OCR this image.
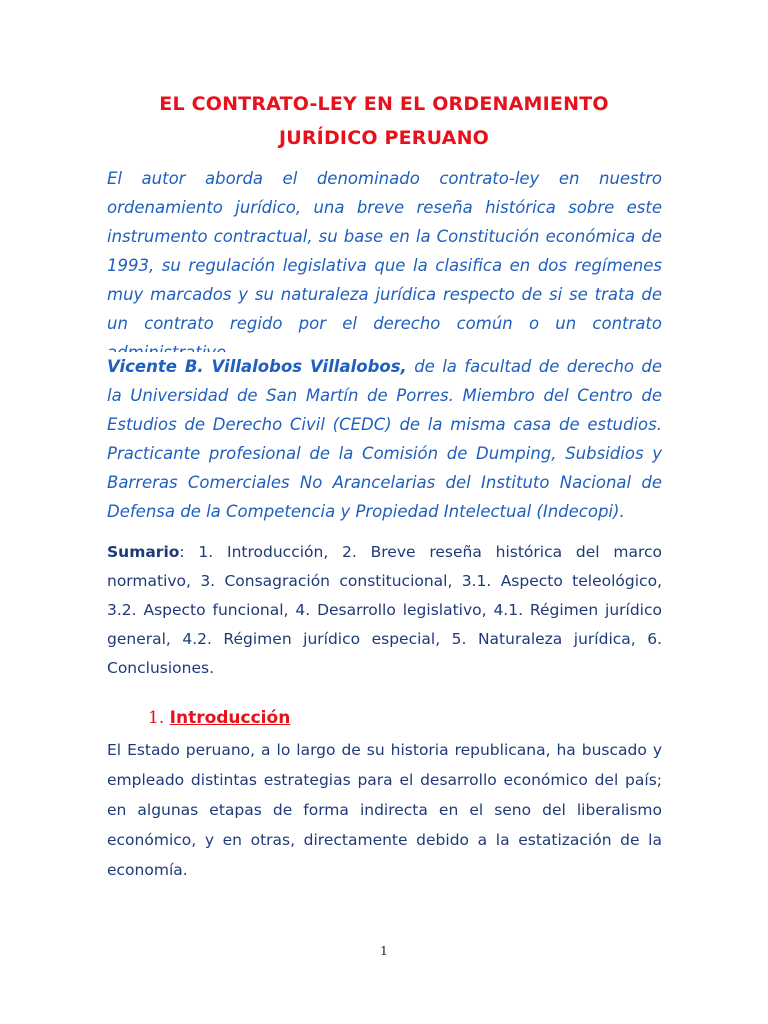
EL CONTRATO-LEY EN EL ORDENAMIENTO
JURÍDICO PERUANO

El autor aborda el denominado contrato-ley en nuestro ordenamiento jurídico, una breve reseña histórica sobre este instrumento contractual, su base en la Constitución económica de 1993, su regulación legislativa que la clasifica en dos regímenes muy marcados y su naturaleza jurídica respecto de si se trata de un contrato regido por el derecho común o un contrato

Vicente B. Villalobos Villalobos, de la facultad de derecho de la Universidad de San Martín de Porres. Miembro del Centro de Estudios de Derecho Civil (CEDC) de la misma casa de estudios. Practicante profesional de la Comisión de Dumping, Subsidios y Barreras Comerciales No Arancelarias del Instituto Nacional de Defensa de la Competencia y Propiedad Intelectual (Indecopi).

Sumario: 1. Introducción, 2. Breve reseña histórica del marco normativo, 3. Consagración constitucional, 3.1. Aspecto teleológico, 3.2. Aspecto funcional, 4. Desarrollo legislativo, 4.1. Régimen jurídico general, 4.2. Régimen jurídico especial, 5. Naturaleza jurídica, 6. Conclusiones.

1. Introducción

El Estado peruano, a lo largo de su historia republicana, ha buscado y empleado distintas estrategias para el desarrollo económico del país; en algunas etapas de forma indirecta en el seno del liberalismo económico, y en otras, directamente debido a la estatización de la economía.

1
